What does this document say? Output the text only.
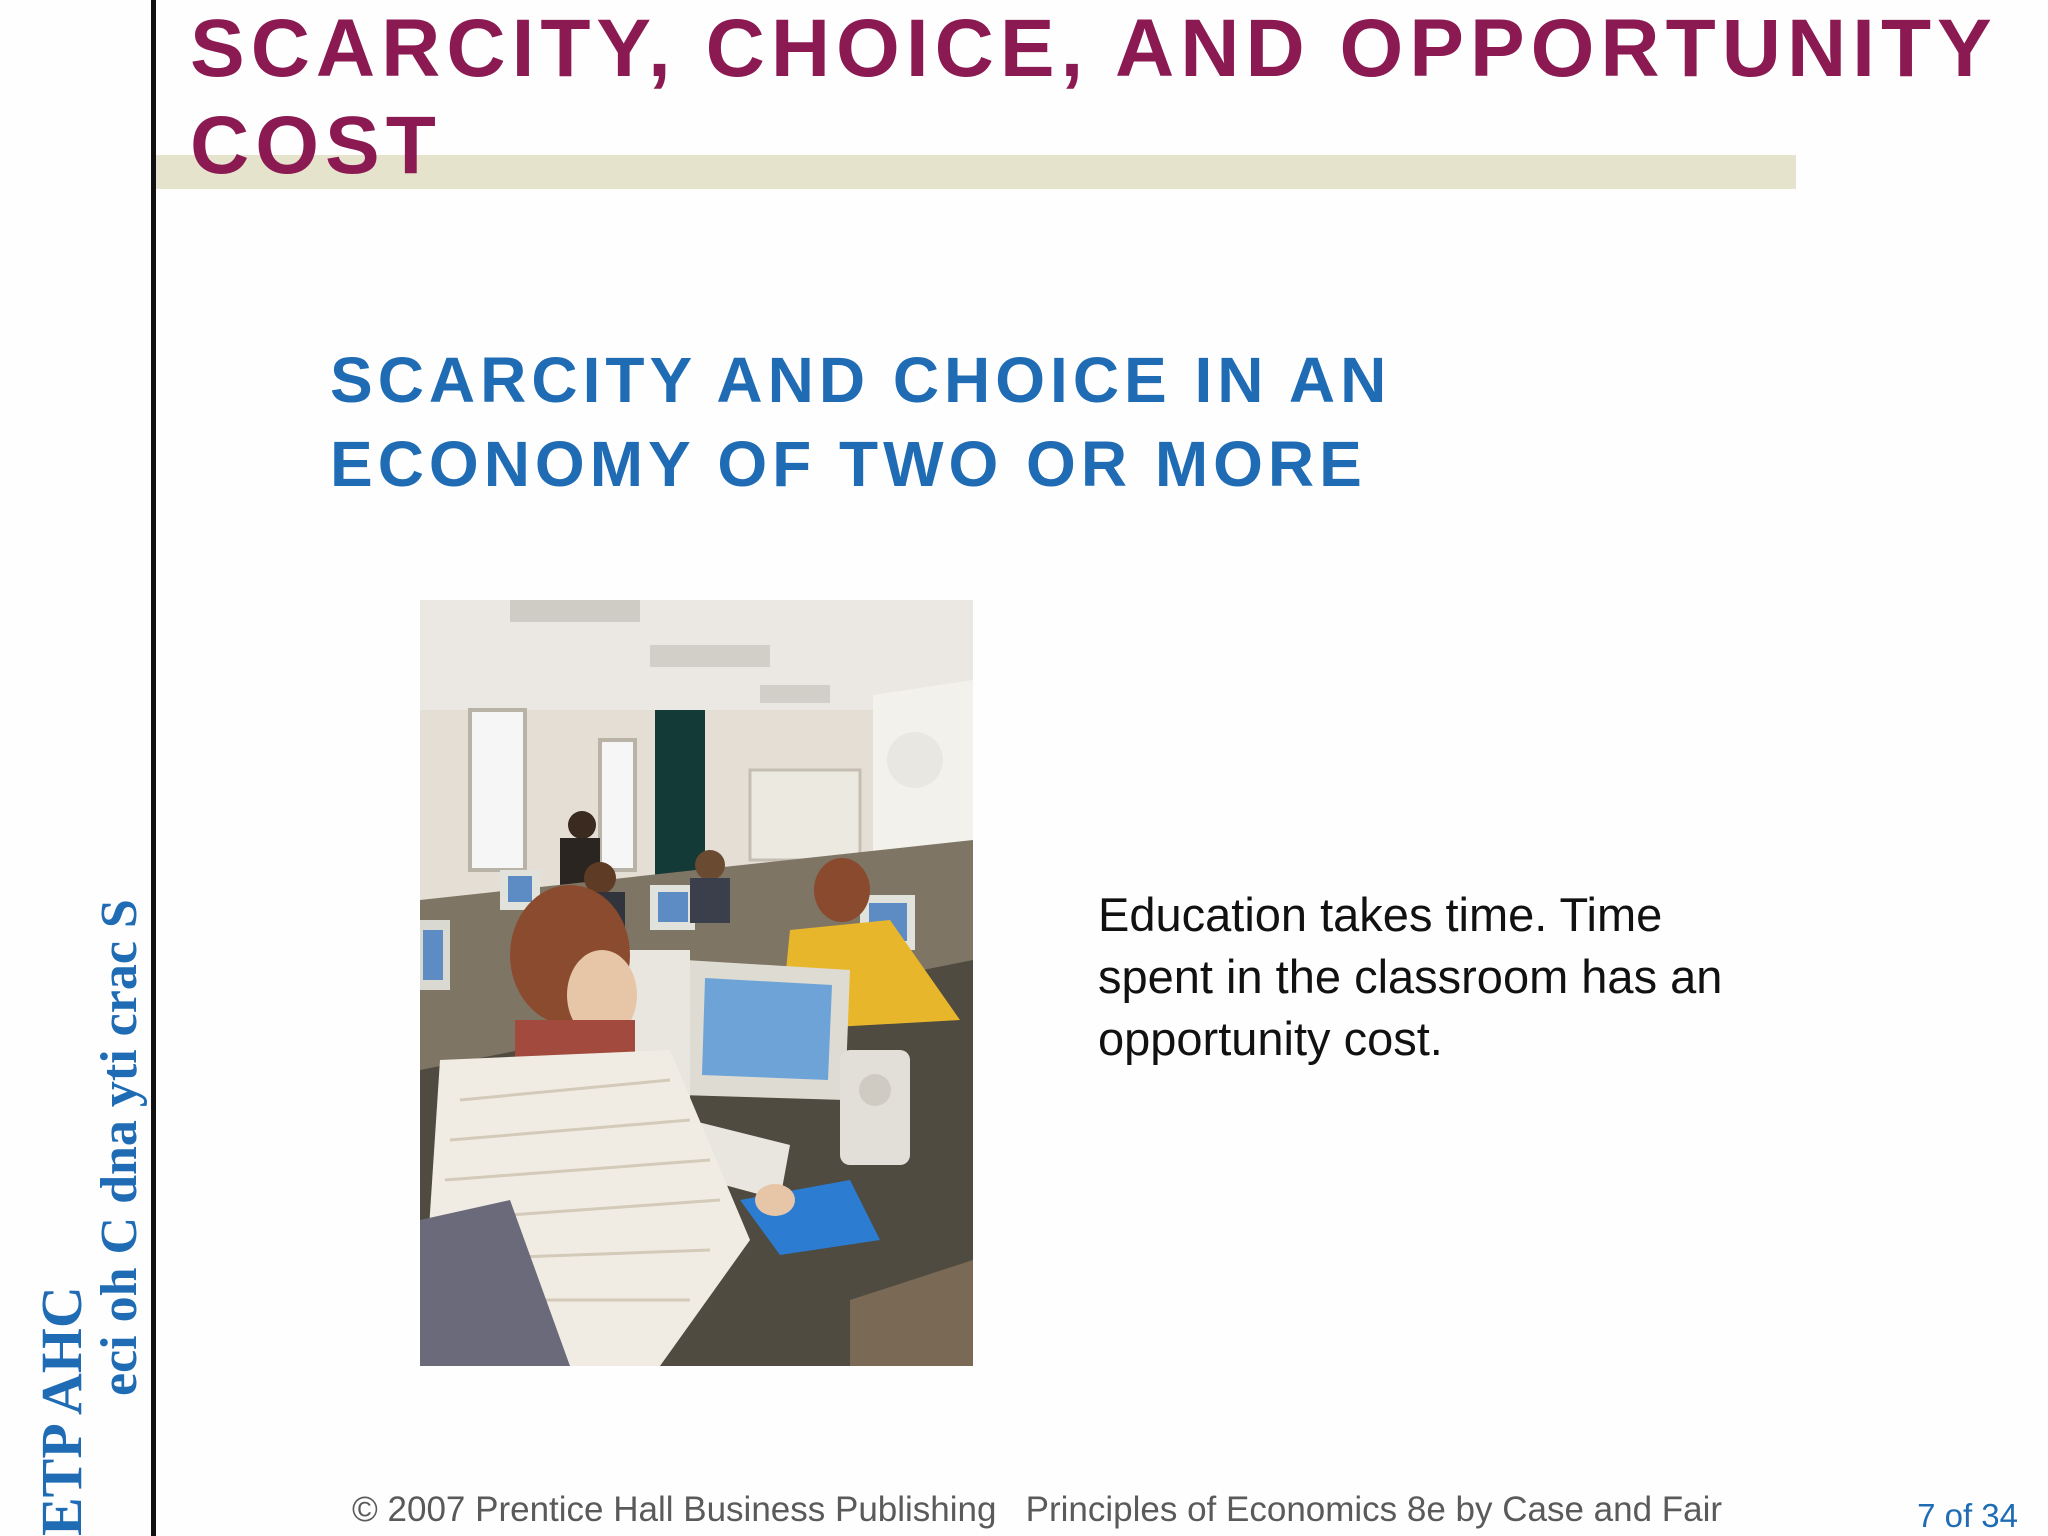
SCARCITY, CHOICE, AND OPPORTUNITY COST
SCARCITY AND CHOICE IN AN ECONOMY OF TWO OR MORE

Education takes time. Time spent in the classroom has an opportunity cost.

ETP AHC
eci oh C dna yti crac S
© 2007 Prentice Hall Business Publishing   Principles of Economics 8e by Case and Fair	7 of 34
